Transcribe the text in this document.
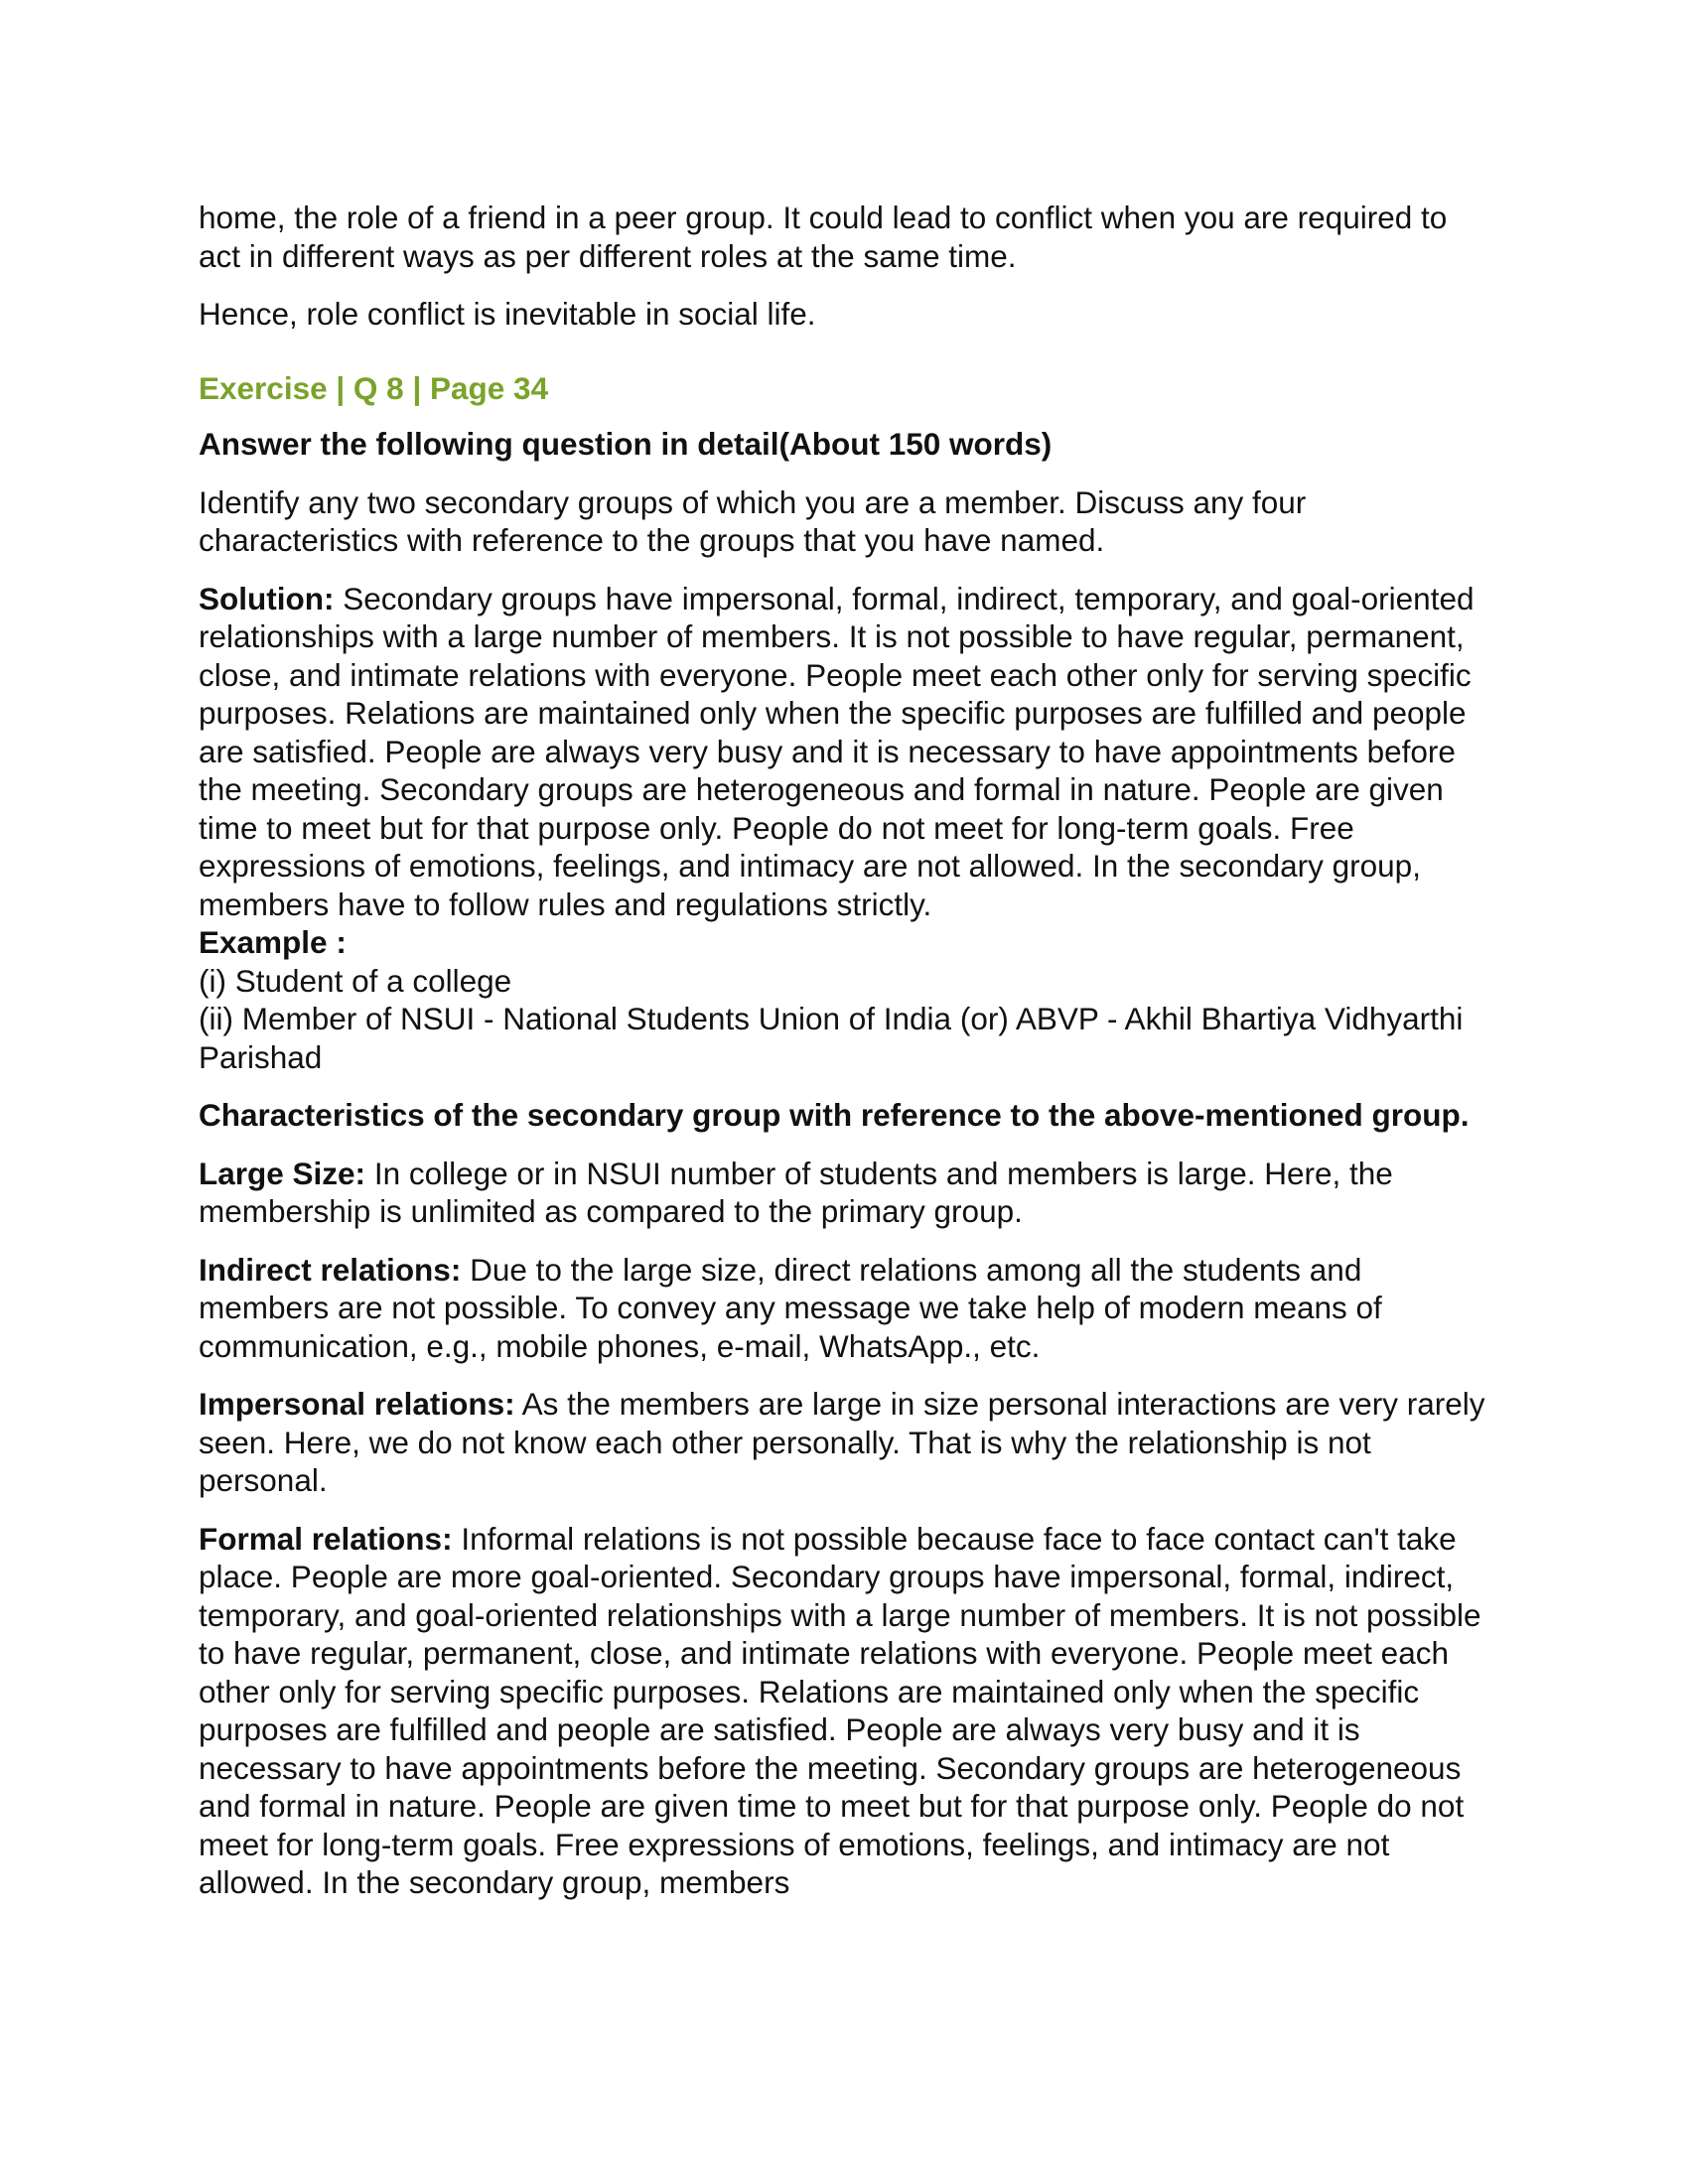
home, the role of a friend in a peer group. It could lead to conflict when you are required to act in different ways as per different roles at the same time.

Hence, role conflict is inevitable in social life.

Exercise | Q 8 | Page 34

Answer the following question in detail(About 150 words)

Identify any two secondary groups of which you are a member. Discuss any four characteristics with reference to the groups that you have named.

Solution: Secondary groups have impersonal, formal, indirect, temporary, and goal-oriented relationships with a large number of members. It is not possible to have regular, permanent, close, and intimate relations with everyone. People meet each other only for serving specific purposes. Relations are maintained only when the specific purposes are fulfilled and people are satisfied. People are always very busy and it is necessary to have appointments before the meeting. Secondary groups are heterogeneous and formal in nature. People are given time to meet but for that purpose only. People do not meet for long-term goals. Free expressions of emotions, feelings, and intimacy are not allowed. In the secondary group, members have to follow rules and regulations strictly.

Example :

(i) Student of a college

(ii) Member of NSUI - National Students Union of India (or) ABVP - Akhil Bhartiya Vidhyarthi Parishad

Characteristics of the secondary group with reference to the above-mentioned group.

Large Size: In college or in NSUI number of students and members is large. Here, the membership is unlimited as compared to the primary group.

Indirect relations: Due to the large size, direct relations among all the students and members are not possible. To convey any message we take help of modern means of communication, e.g., mobile phones, e-mail, WhatsApp., etc.

Impersonal relations: As the members are large in size personal interactions are very rarely seen. Here, we do not know each other personally. That is why the relationship is not personal.

Formal relations: Informal relations is not possible because face to face contact can't take place. People are more goal-oriented. Secondary groups have impersonal, formal, indirect, temporary, and goal-oriented relationships with a large number of members. It is not possible to have regular, permanent, close, and intimate relations with everyone. People meet each other only for serving specific purposes. Relations are maintained only when the specific purposes are fulfilled and people are satisfied. People are always very busy and it is necessary to have appointments before the meeting. Secondary groups are heterogeneous and formal in nature. People are given time to meet but for that purpose only. People do not meet for long-term goals. Free expressions of emotions, feelings, and intimacy are not allowed. In the secondary group, members
